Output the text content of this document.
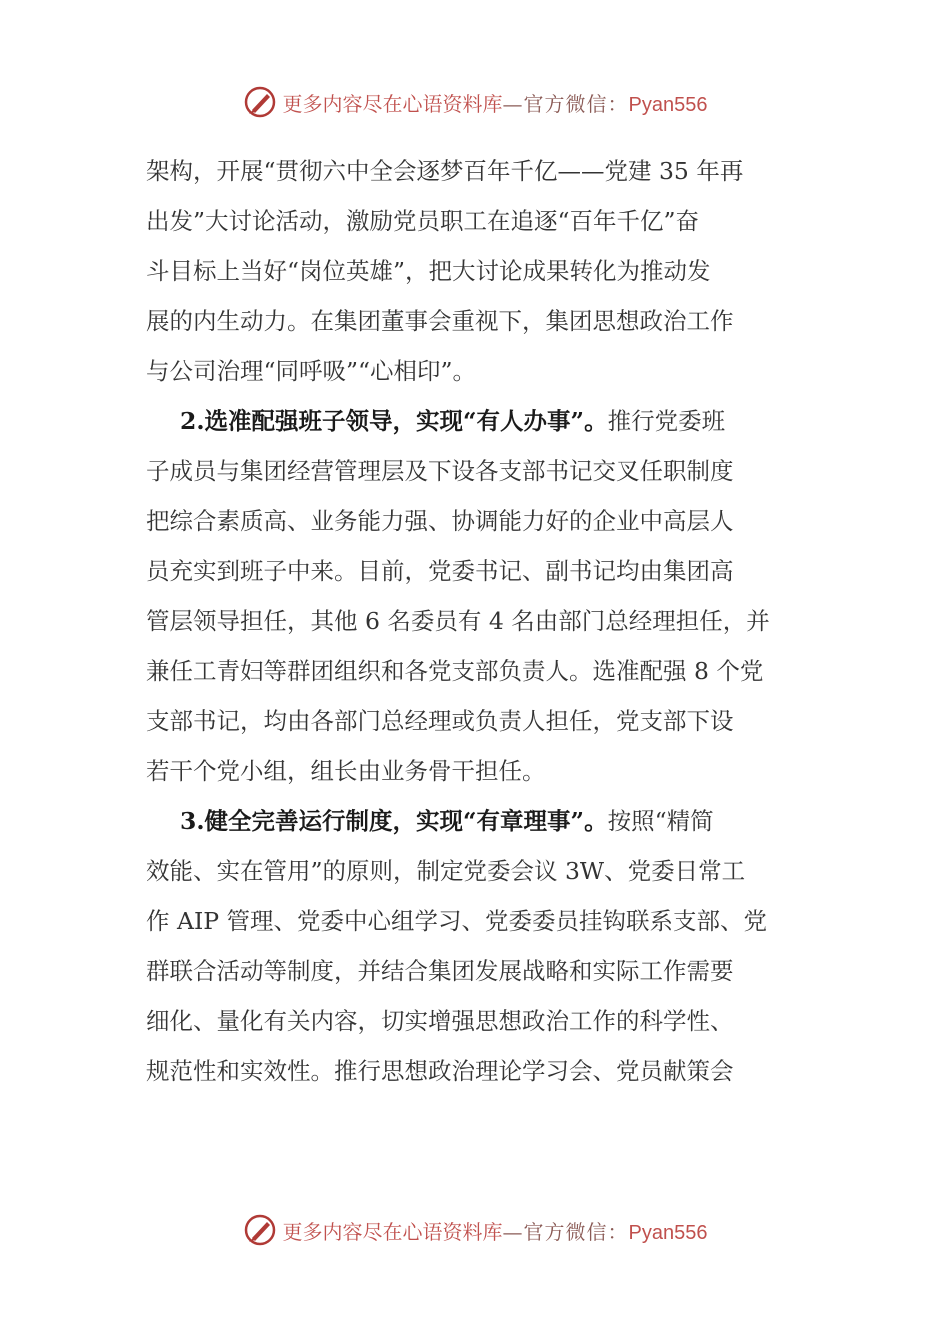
更多内容尽在心语资料库—官方微信：Pyan556

架构，开展“贯彻六中全会逐梦百年千亿——党建 35 年再
出发”大讨论活动，激励党员职工在追逐“百年千亿”奋
斗目标上当好“岗位英雄”，把大讨论成果转化为推动发
展的内生动力。在集团董事会重视下，集团思想政治工作
与公司治理“同呼吸”“心相印”。

2.选准配强班子领导，实现“有人办事”。推行党委班
子成员与集团经营管理层及下设各支部书记交叉任职制度
把综合素质高、业务能力强、协调能力好的企业中高层人
员充实到班子中来。目前，党委书记、副书记均由集团高
管层领导担任，其他 6 名委员有 4 名由部门总经理担任，并
兼任工青妇等群团组织和各党支部负责人。选准配强 8 个党
支部书记，均由各部门总经理或负责人担任，党支部下设
若干个党小组，组长由业务骨干担任。

3.健全完善运行制度，实现“有章理事”。按照“精简
效能、实在管用”的原则，制定党委会议 3W、党委日常工
作 AIP 管理、党委中心组学习、党委委员挂钩联系支部、党
群联合活动等制度，并结合集团发展战略和实际工作需要
细化、量化有关内容，切实增强思想政治工作的科学性、
规范性和实效性。推行思想政治理论学习会、党员献策会

更多内容尽在心语资料库—官方微信：Pyan556
